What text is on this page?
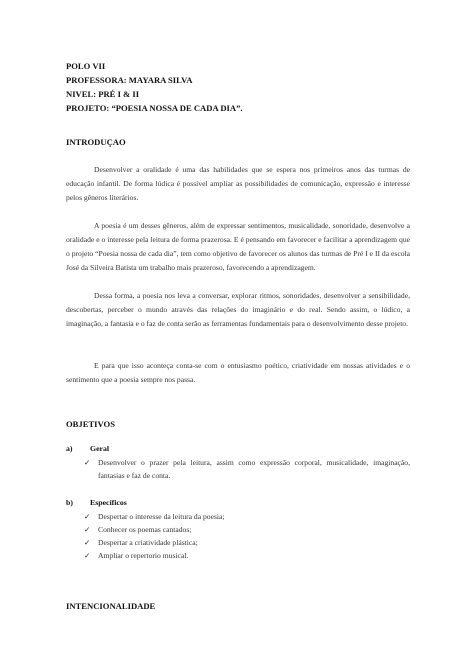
POLO VII
PROFESSORA: MAYARA SILVA
NIVEL: PRÉ I & II
PROJETO: “POESIA NOSSA DE CADA DIA”.
INTRODUÇAO

Desenvolver a oralidade é uma das habilidades que se espera nos primeiros anos das turmas de educação infantil. De forma lúdica é possível ampliar as possibilidades de comunicação, expressão e interesse pelos gêneros literários.

A poesia é um desses gêneros, além de expressar sentimentos, musicalidade, sonoridade, desenvolve a oralidade e o interesse pela leitura de forma prazerosa. E é pensando em favorecer e facilitar a aprendizagem que o projeto “Poesia nossa de cada dia”, tem como objetivo de favorecer os alunos das turmas de Pré I e II da escola José da Silveira Batista um trabalho mais prazeroso, favorecendo a aprendizagem.

Dessa forma, a poesia nos leva a conversar, explorar ritmos, sonoridades, desenvolver a sensibilidade, descobertas, perceber o mundo através das relações do imaginário e do real. Sendo assim, o lúdico, a imaginação, a fantasia e o faz de conta serão as ferramentas fundamentais para o desenvolvimento desse projeto.

E para que isso aconteça conta-se com o entusiasmo poético, criatividade em nossas atividades e o sentimento que a poesia sempre nos passa.

OBJETIVOS
a) Geral
✓ Desenvolver o prazer pela leitura, assim como expressão corporal, musicalidade, imaginação, fantasias e faz de conta.
b) Específicos
✓ Despertar o interesse da leitura da poesia;
✓ Conhecer os poemas cantados;
✓ Despertar a criatividade plástica;
✓ Ampliar o repertorio musical.
INTENCIONALIDADE
